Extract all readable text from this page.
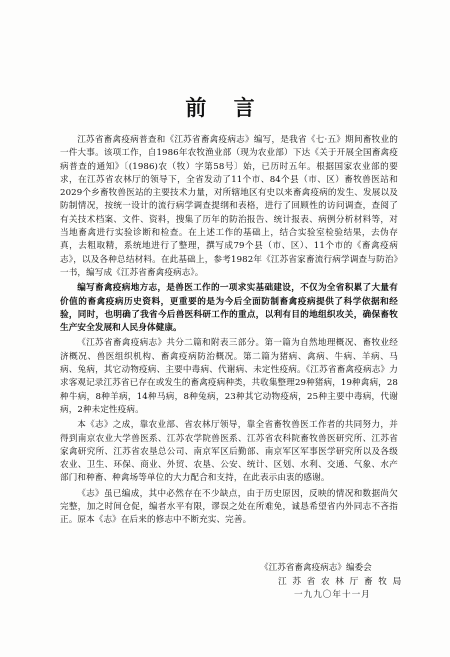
前 言

江苏省畜禽疫病普查和《江苏省畜禽疫病志》编写，是我省《七·五》期间畜牧业的一件大事。该项工作，自1986年农牧渔业部（现为农业部）下达《关于开展全国畜禽疫病普查的通知》〔(1986)农（牧）字第58号〕始，已历时五年。根据国家农业部的要求，在江苏省农林厅的领导下，全省发动了11个市、84个县（市、区）畜牧兽医站和2029个乡畜牧兽医站的主要技术力量，对所辖地区有史以来畜禽疫病的发生、发展以及防制情况，按统一设计的流行病学调查提纲和表格，进行了回顾性的访问调查，查阅了有关技术档案、文件、资料，搜集了历年的防治报告、统计报表、病例分析材料等，对当地畜禽进行实验诊断和检查。在上述工作的基础上，结合实验室检验结果，去伪存真，去粗取精，系统地进行了整理，撰写成79个县（市、区）、11个市的《畜禽疫病志》，以及各种总结材料。在此基础上，参考1982年《江苏省家畜流行病学调查与防治》一书，编写成《江苏省畜禽疫病志》。

编写畜禽疫病地方志，是兽医工作的一项求实基础建设，不仅为全省积累了大量有价值的畜禽疫病历史资料，更重要的是为今后全面防制畜禽疫病提供了科学依据和经验，同时，也明确了我省今后兽医科研工作的重点，以利有目的地组织攻关，确保畜牧生产安全发展和人民身体健康。

《江苏省畜禽疫病志》共分二篇和附表三部分。第一篇为自然地理概况、畜牧业经济概况、兽医组织机构、畜禽疫病防治概况。第二篇为猪病、禽病、牛病、羊病、马病、兔病，其它动物疫病、主要中毒病、代谢病、未定性疫病。《江苏省畜禽疫病志》力求客观记录江苏省已存在或发生的畜禽疫病种类，共收集整理29种猪病，19种禽病，28种牛病，8种羊病，14种马病，8种兔病，23种其它动物疫病，25种主要中毒病，代谢病，2种未定性疫病。

本《志》之成，靠农业部、省农林厅领导，靠全省畜牧兽医工作者的共同努力，并得到南京农业大学兽医系、江苏农学院兽医系、江苏省农科院畜牧兽医研究所、江苏省家禽研究所、江苏省农垦总公司、南京军区后勤部、南京军区军事医学研究所以及各级农业、卫生、环保、商业、外贸、农垦、公安、统计、区划、水利、交通、气象、水产部门和种畜、种禽场等单位的大力配合和支持，在此表示由衷的感谢。

《志》虽已编成，其中必然存在不少缺点，由于历史原因，反映的情况和数据尚欠完整，加之时间仓促，编者水平有限，谬误之处在所难免，诚恳希望省内外同志不吝指正。原本《志》在后来的修志中不断充实、完善。

《江苏省畜禽疫病志》编委会
江 苏 省 农 林 厅 畜 牧 局
一九九〇年十一月
